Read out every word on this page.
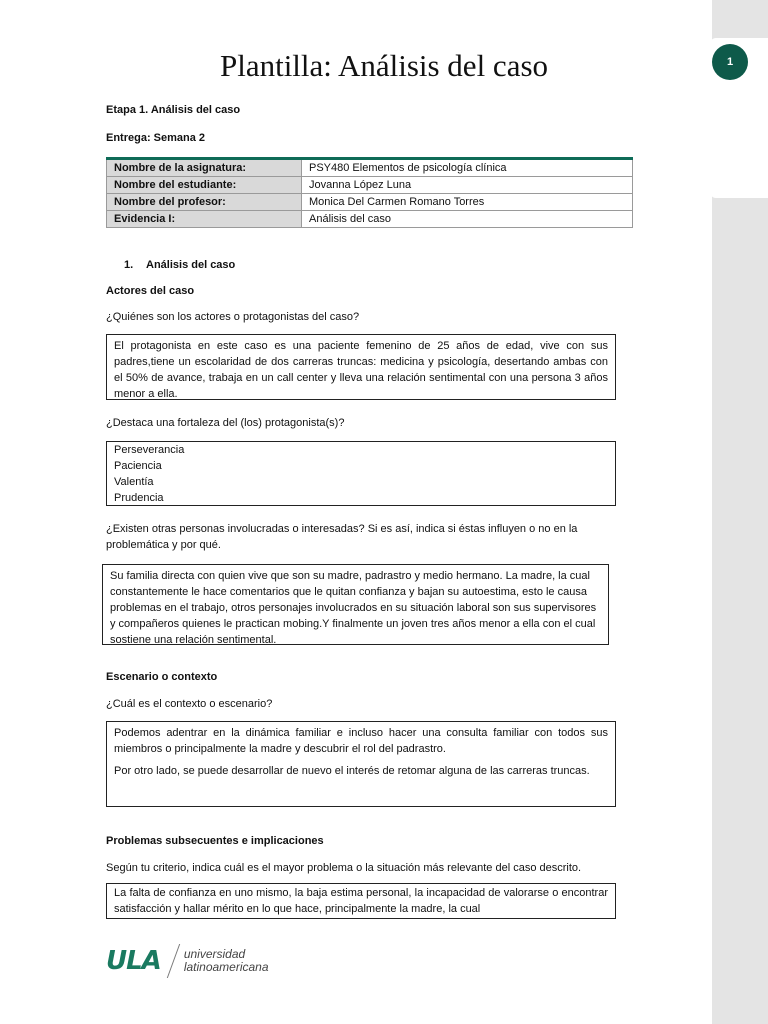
Plantilla: Análisis del caso
Etapa 1. Análisis del caso
Entrega: Semana 2
Nombre de la asignatura:	PSY480 Elementos de psicología clínica
Nombre del estudiante:	Jovanna López Luna
Nombre del profesor:	Monica Del Carmen Romano Torres
Evidencia I:	Análisis del caso
1. Análisis del caso
Actores del caso
¿Quiénes son los actores o protagonistas del caso?

El protagonista en este caso es una paciente femenino de 25 años de edad, vive con sus padres,tiene un escolaridad de dos carreras truncas: medicina y psicología, desertando ambas con el 50% de avance, trabaja en un call center y lleva una relación sentimental con una persona 3 años menor a ella.

¿Destaca una fortaleza del (los) protagonista(s)?

Perseverancia

Paciencia

Valentía

Prudencia

¿Existen otras personas involucradas o interesadas? Si es así, indica si éstas influyen o no en la problemática y por qué.

Su familia directa con quien vive que son su madre, padrastro y medio hermano. La madre, la cual constantemente le hace comentarios que le quitan confianza y bajan su autoestima, esto le causa problemas en el trabajo, otros personajes involucrados en su situación laboral son sus supervisores y compañeros quienes le practican mobing.Y finalmente un joven tres años menor a ella con el cual sostiene una relación sentimental.

Escenario o contexto
¿Cuál es el contexto o escenario?

Podemos adentrar en la dinámica familiar e incluso hacer una consulta familiar con todos sus miembros o principalmente la madre y descubrir el rol del padrastro.

Por otro lado, se puede desarrollar de nuevo el interés de retomar alguna de las carreras truncas.

Problemas subsecuentes e implicaciones
Según tu criterio, indica cuál es el mayor problema o la situación más relevante del caso descrito.

La falta de confianza en uno mismo, la baja estima personal, la incapacidad de valorarse o encontrar satisfacción y hallar mérito en lo que hace, principalmente la madre, la cual

ULA universidad
latinoamericana
1
